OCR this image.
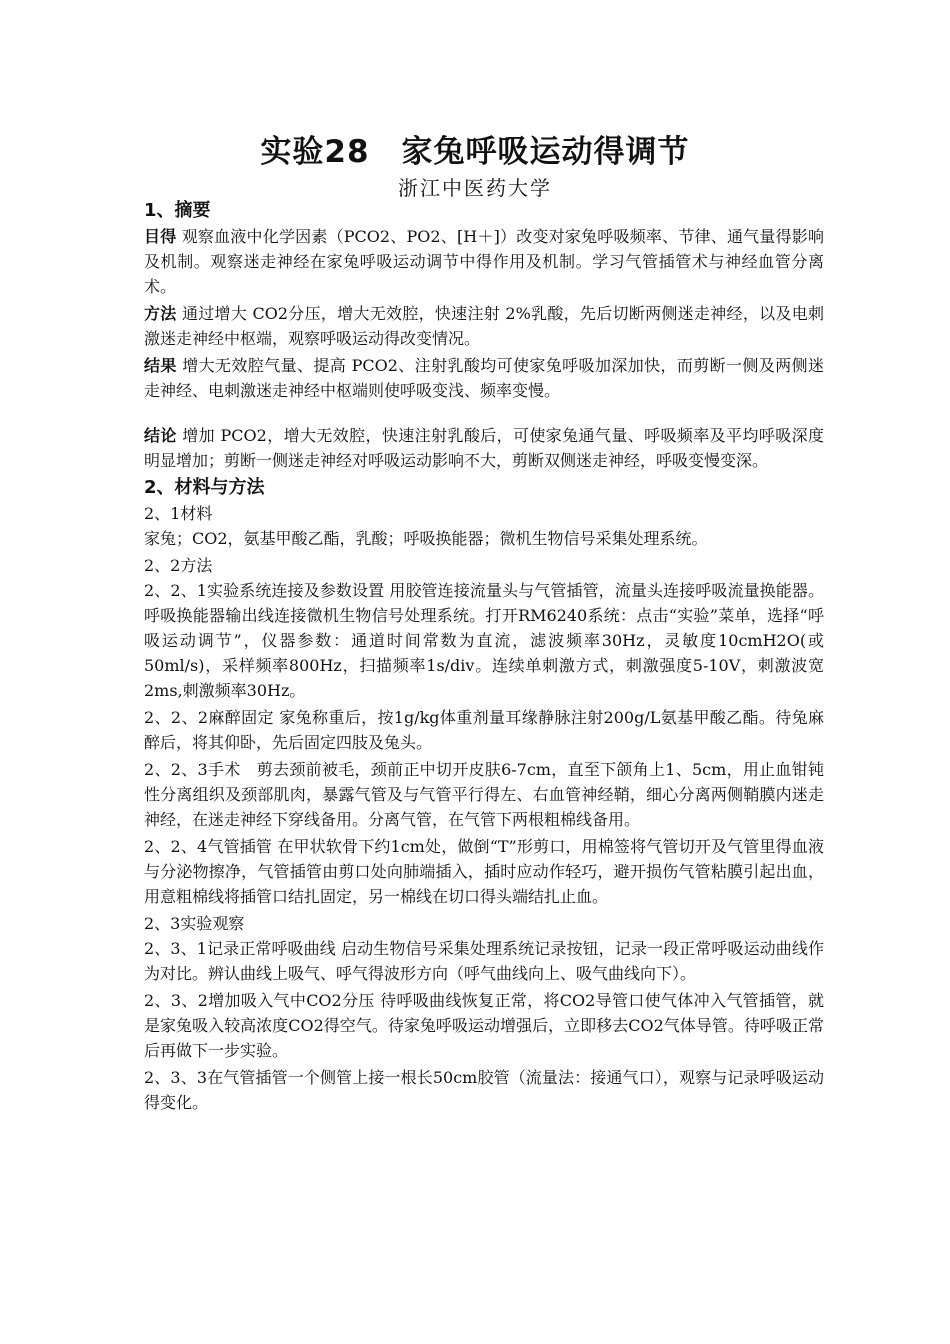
实验28　家兔呼吸运动得调节
浙江中医药大学
1、摘要

目得 观察血液中化学因素（PCO2、PO2、[H＋]）改变对家兔呼吸频率、节律、通气量得影响及机制。观察迷走神经在家兔呼吸运动调节中得作用及机制。学习气管插管术与神经血管分离术。

方法 通过增大 CO2分压，增大无效腔，快速注射 2%乳酸，先后切断两侧迷走神经，以及电刺激迷走神经中枢端，观察呼吸运动得改变情况。

结果 增大无效腔气量、提高 PCO2、注射乳酸均可使家兔呼吸加深加快，而剪断一侧及两侧迷走神经、电刺激迷走神经中枢端则使呼吸变浅、频率变慢。

结论 增加 PCO2，增大无效腔，快速注射乳酸后，可使家兔通气量、呼吸频率及平均呼吸深度明显增加；剪断一侧迷走神经对呼吸运动影响不大，剪断双侧迷走神经，呼吸变慢变深。

2、材料与方法

2、1材料

家兔；CO2，氨基甲酸乙酯，乳酸；呼吸换能器；微机生物信号采集处理系统。

2、2方法

2、2、1实验系统连接及参数设置 用胶管连接流量头与气管插管，流量头连接呼吸流量换能器。呼吸换能器输出线连接微机生物信号处理系统。打开RM6240系统：点击“实验”菜单，选择“呼吸运动调节”，仪器参数：通道时间常数为直流，滤波频率30Hz，灵敏度10cmH2O(或50ml/s)，采样频率800Hz，扫描频率1s/div。连续单刺激方式，刺激强度5-10V，刺激波宽2ms,刺激频率30Hz。

2、2、2麻醉固定 家兔称重后，按1g/kg体重剂量耳缘静脉注射200g/L氨基甲酸乙酯。待兔麻醉后，将其仰卧，先后固定四肢及兔头。

2、2、3手术　剪去颈前被毛，颈前正中切开皮肤6-7cm，直至下颌角上1、5cm，用止血钳钝性分离组织及颈部肌肉，暴露气管及与气管平行得左、右血管神经鞘，细心分离两侧鞘膜内迷走神经，在迷走神经下穿线备用。分离气管，在气管下两根粗棉线备用。

2、2、4气管插管 在甲状软骨下约1cm处，做倒“T”形剪口，用棉签将气管切开及气管里得血液与分泌物擦净，气管插管由剪口处向肺端插入，插时应动作轻巧，避开损伤气管粘膜引起出血，用意粗棉线将插管口结扎固定，另一棉线在切口得头端结扎止血。

2、3实验观察

2、3、1记录正常呼吸曲线 启动生物信号采集处理系统记录按钮，记录一段正常呼吸运动曲线作为对比。辨认曲线上吸气、呼气得波形方向（呼气曲线向上、吸气曲线向下）。

2、3、2增加吸入气中CO2分压 待呼吸曲线恢复正常，将CO2导管口使气体冲入气管插管，就是家兔吸入较高浓度CO2得空气。待家兔呼吸运动增强后，立即移去CO2气体导管。待呼吸正常后再做下一步实验。

2、3、3在气管插管一个侧管上接一根长50cm胶管（流量法：接通气口），观察与记录呼吸运动得变化。
